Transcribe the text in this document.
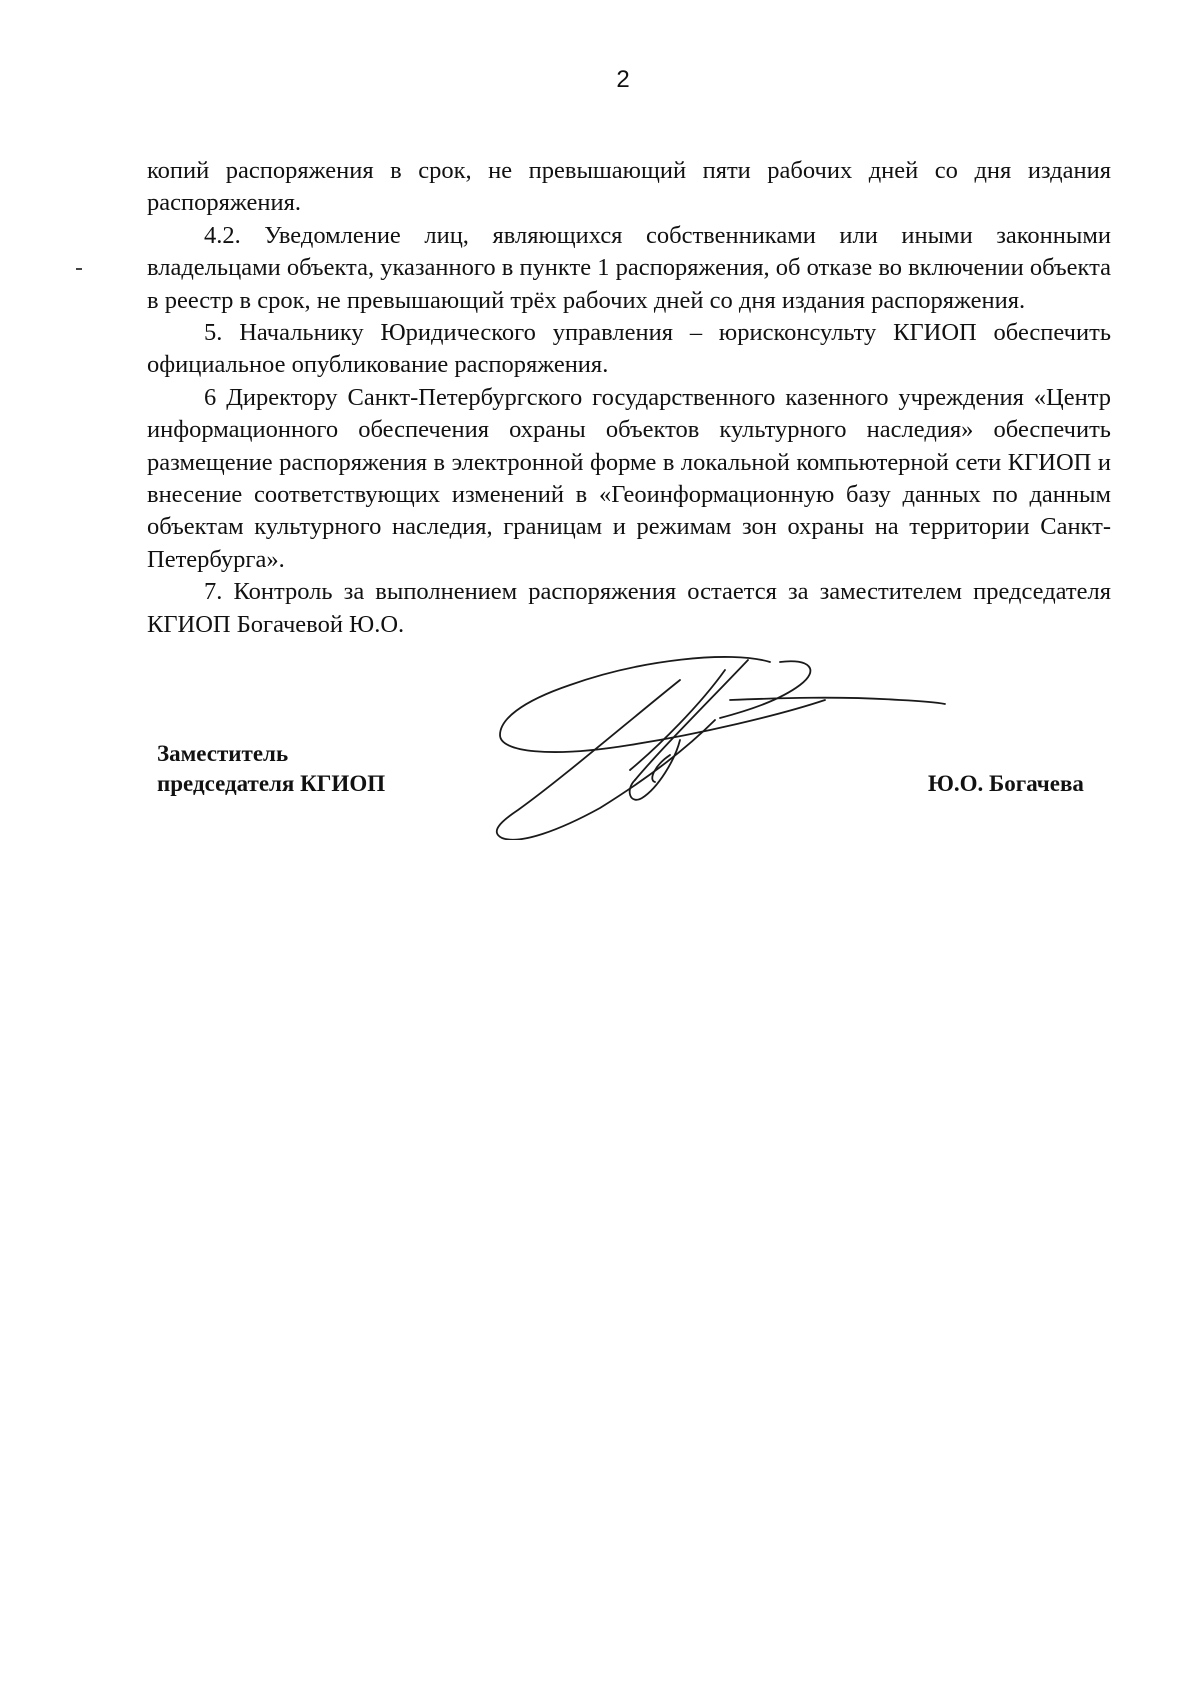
2

копий распоряжения в срок, не превышающий пяти рабочих дней со дня издания распоряжения.

4.2. Уведомление лиц, являющихся собственниками или иными законными владельцами объекта, указанного в пункте 1 распоряжения, об отказе во включении объекта в реестр в срок, не превышающий трёх рабочих дней со дня издания распоряжения.

5. Начальнику Юридического управления – юрисконсульту КГИОП обеспечить официальное опубликование распоряжения.

6 Директору Санкт-Петербургского государственного казенного учреждения «Центр информационного обеспечения охраны объектов культурного наследия» обеспечить размещение распоряжения в электронной форме в локальной компьютерной сети КГИОП и внесение соответствующих изменений в «Геоинформационную базу данных по данным объектам культурного наследия, границам и режимам зон охраны на территории Санкт-Петербурга».

7. Контроль за выполнением распоряжения остается за заместителем председателя КГИОП Богачевой Ю.О.

Заместитель
председателя КГИОП	Ю.О. Богачева
